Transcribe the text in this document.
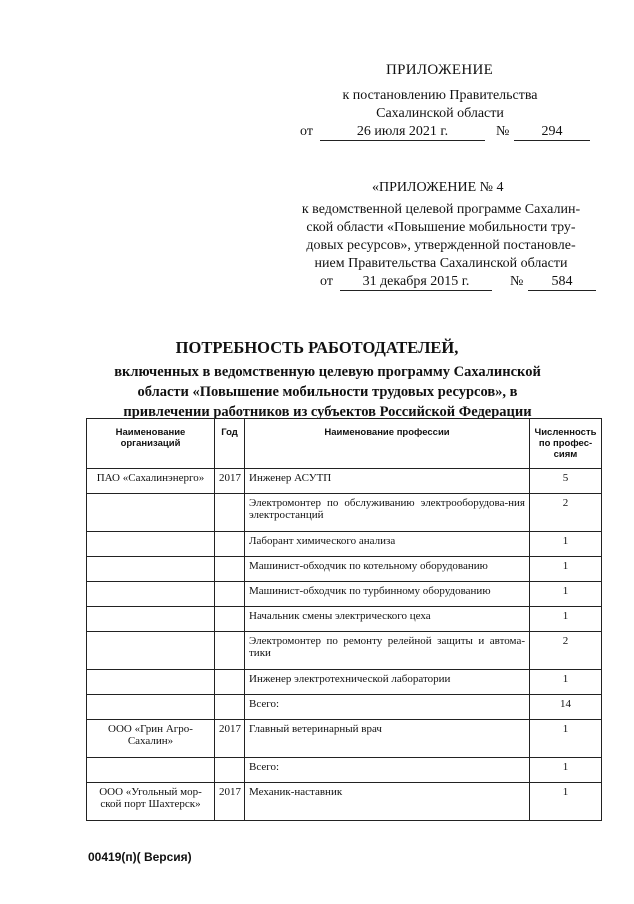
ПРИЛОЖЕНИЕ
к постановлению Правительства
Сахалинской области
от	26 июля 2021 г.	№	294
«ПРИЛОЖЕНИЕ № 4
к ведомственной целевой программе Сахалин-
ской области «Повышение мобильности тру-
довых ресурсов», утвержденной постановле-
нием Правительства Сахалинской области
от	31 декабря 2015 г.	№	584
ПОТРЕБНОСТЬ РАБОТОДАТЕЛЕЙ,
включенных в ведомственную целевую программу Сахалинской области «Повышение мобильности трудовых ресурсов», в привлечении работников из субъектов Российской Федерации
Наименование организаций	Год	Наименование профессии	Численность по профес-сиям
ПАО «Сахалинэнерго»	2017	Инженер АСУТП	5
		Электромонтер по обслуживанию электрооборудова-ния электростанций	2
		Лаборант химического анализа	1
		Машинист-обходчик по котельному оборудованию	1
		Машинист-обходчик по турбинному оборудованию	1
		Начальник смены электрического цеха	1
		Электромонтер по ремонту релейной защиты и автома-тики	2
		Инженер электротехнической лаборатории	1
		Всего:	14
ООО «Грин Агро-Сахалин»	2017	Главный ветеринарный врач	1
		Всего:	1
ООО «Угольный мор-ской порт Шахтерск»	2017	Механик-наставник	1
00419(п)( Версия)
